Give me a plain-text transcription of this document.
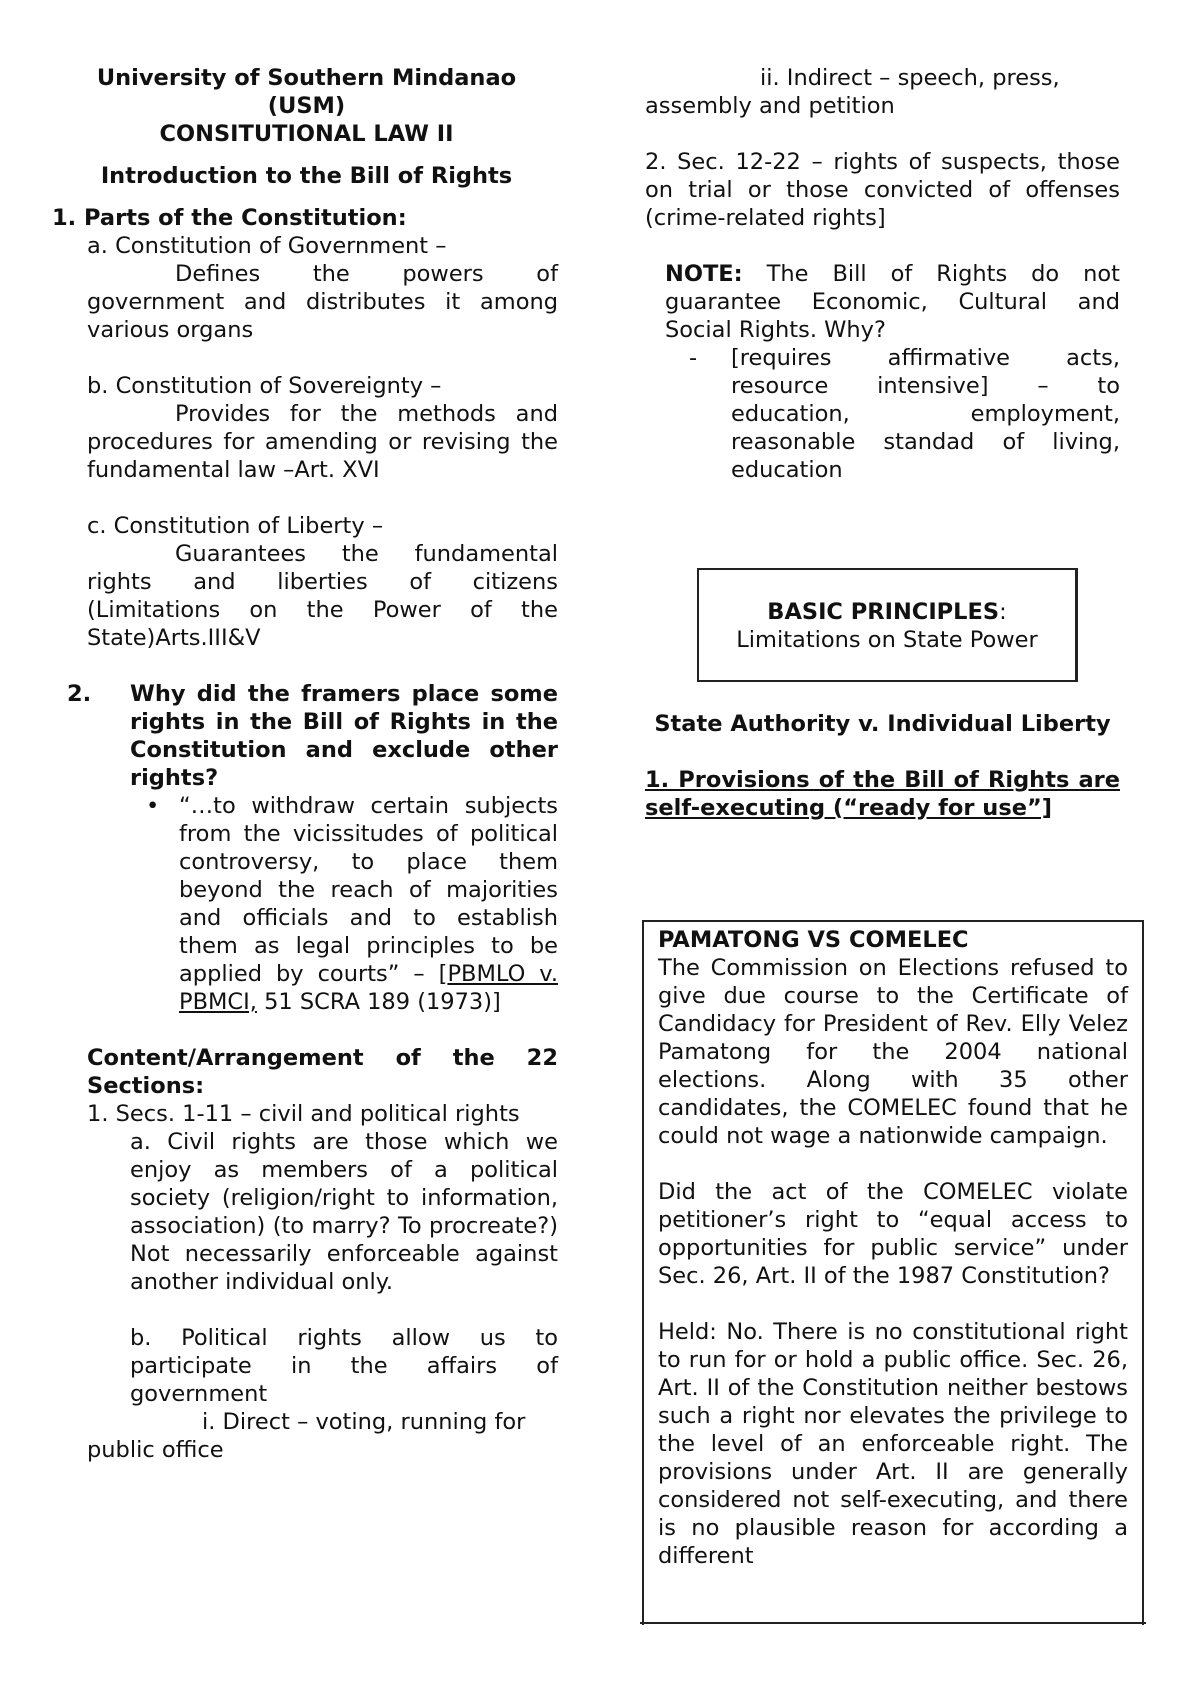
University of Southern Mindanao

(USM)

CONSITUTIONAL LAW II

Introduction to the Bill of Rights

1. Parts of the Constitution:

a. Constitution of Government –

Defines the powers of government and distributes it among various organs

b. Constitution of Sovereignty –

Provides for the methods and procedures for amending or revising the fundamental law –Art. XVI

c. Constitution of Liberty –

Guarantees the fundamental rights and liberties of citizens (Limitations on the Power of the State)Arts.III&V

2.	Why did the framers place some rights in the Bill of Rights in the Constitution and exclude other rights?
• “…to withdraw certain subjects from the vicissitudes of political controversy, to place them beyond the reach of majorities and officials and to establish them as legal principles to be applied by courts” – [PBMLO v. PBMCI, 51 SCRA 189 (1973)]

Content/Arrangement of the 22 Sections:

1. Secs. 1-11 – civil and political rights

a. Civil rights are those which we enjoy as members of a political society (religion/right to information, association) (to marry? To procreate?) Not necessarily enforceable against another individual only.

b. Political rights allow us to participate in the affairs of government

i. Direct – voting, running for public office

ii. Indirect – speech, press, assembly and petition

2. Sec. 12-22 – rights of suspects, those on trial or those convicted of offenses (crime-related rights]

NOTE: The Bill of Rights do not guarantee Economic, Cultural and Social Rights. Why?

-	[requires affirmative acts, resource intensive] – to education, employment, reasonable standad of living, education

BASIC PRINCIPLES:

Limitations on State Power

State Authority v. Individual Liberty

1. Provisions of the Bill of Rights are self-executing (“ready for use”]

PAMATONG VS COMELEC

The Commission on Elections refused to give due course to the Certificate of Candidacy for President of Rev. Elly Velez Pamatong for the 2004 national elections. Along with 35 other candidates, the COMELEC found that he could not wage a nationwide campaign.

Did the act of the COMELEC violate petitioner’s right to “equal access to opportunities for public service” under Sec. 26, Art. II of the 1987 Constitution?

Held: No. There is no constitutional right to run for or hold a public office. Sec. 26, Art. II of the Constitution neither bestows such a right nor elevates the privilege to the level of an enforceable right. The provisions under Art. II are generally considered not self-executing, and there is no plausible reason for according a different
